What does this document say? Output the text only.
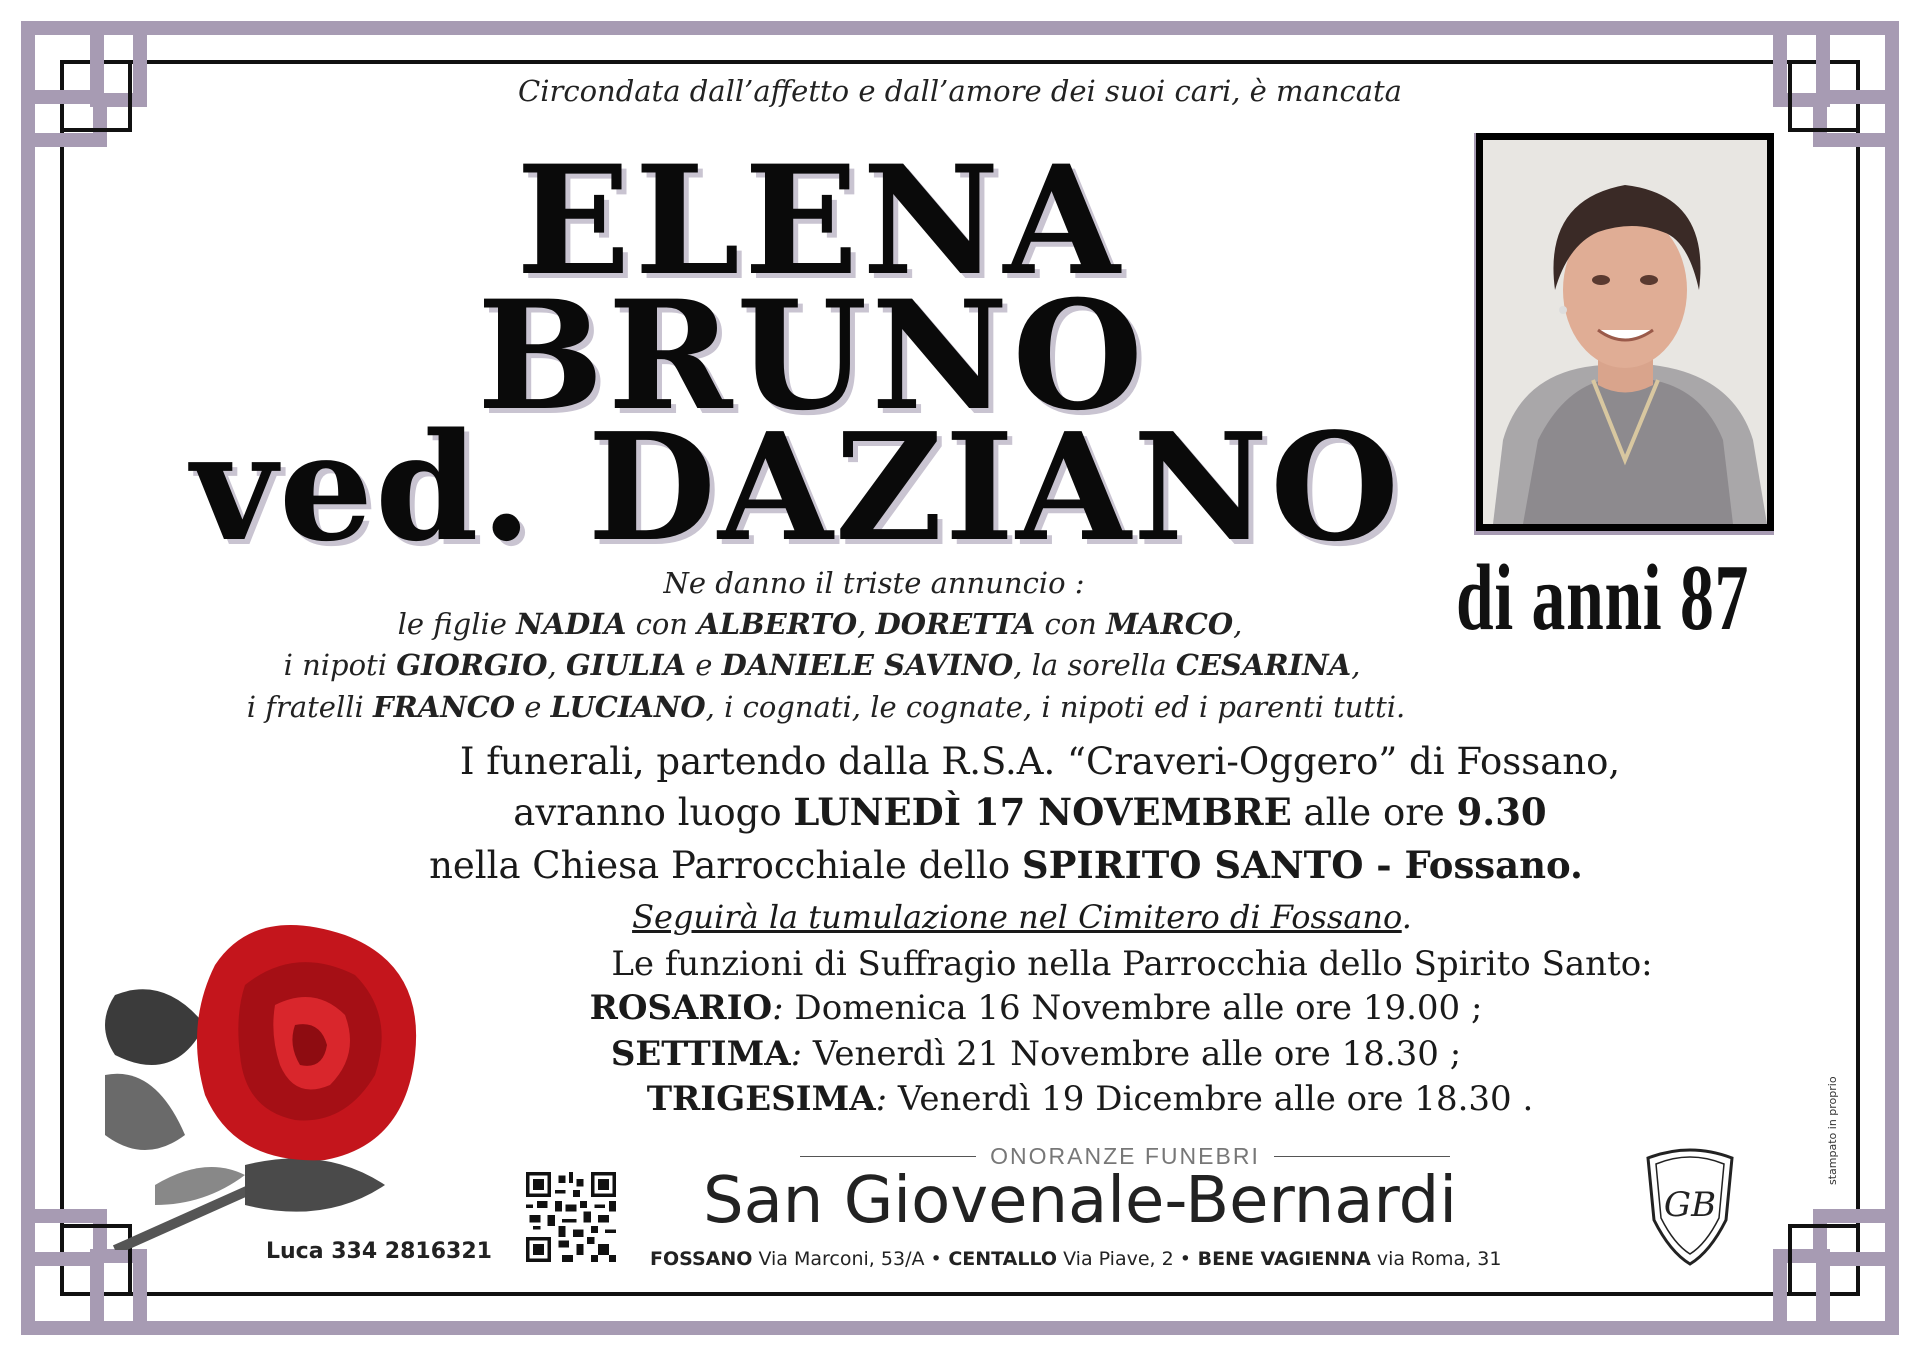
Circondata dall’affetto e dall’amore dei suoi cari, è mancata
ELENA
BRUNO
ved. DAZIANO
di anni 87
Ne danno il triste annuncio :
le figlie NADIA con ALBERTO, DORETTA con MARCO,
i nipoti GIORGIO, GIULIA e DANIELE SAVINO, la sorella CESARINA,
i fratelli FRANCO e LUCIANO, i cognati, le cognate, i nipoti ed i parenti tutti.
I funerali, partendo dalla R.S.A. “Craveri-Oggero” di Fossano,
avranno luogo LUNEDÌ 17 NOVEMBRE alle ore 9.30
nella Chiesa Parrocchiale dello SPIRITO SANTO - Fossano.
Seguirà la tumulazione nel Cimitero di Fossano.
Le funzioni di Suffragio nella Parrocchia dello Spirito Santo:
ROSARIO: Domenica 16 Novembre alle ore 19.00 ;
SETTIMA: Venerdì 21 Novembre alle ore 18.30 ;
TRIGESIMA: Venerdì 19 Dicembre alle ore 18.30 .
Luca 334 2816321
ONORANZE FUNEBRI
San Giovenale-Bernardi
FOSSANO Via Marconi, 53/A • CENTALLO Via Piave, 2 • BENE VAGIENNA via Roma, 31
GB
stampato in proprio
